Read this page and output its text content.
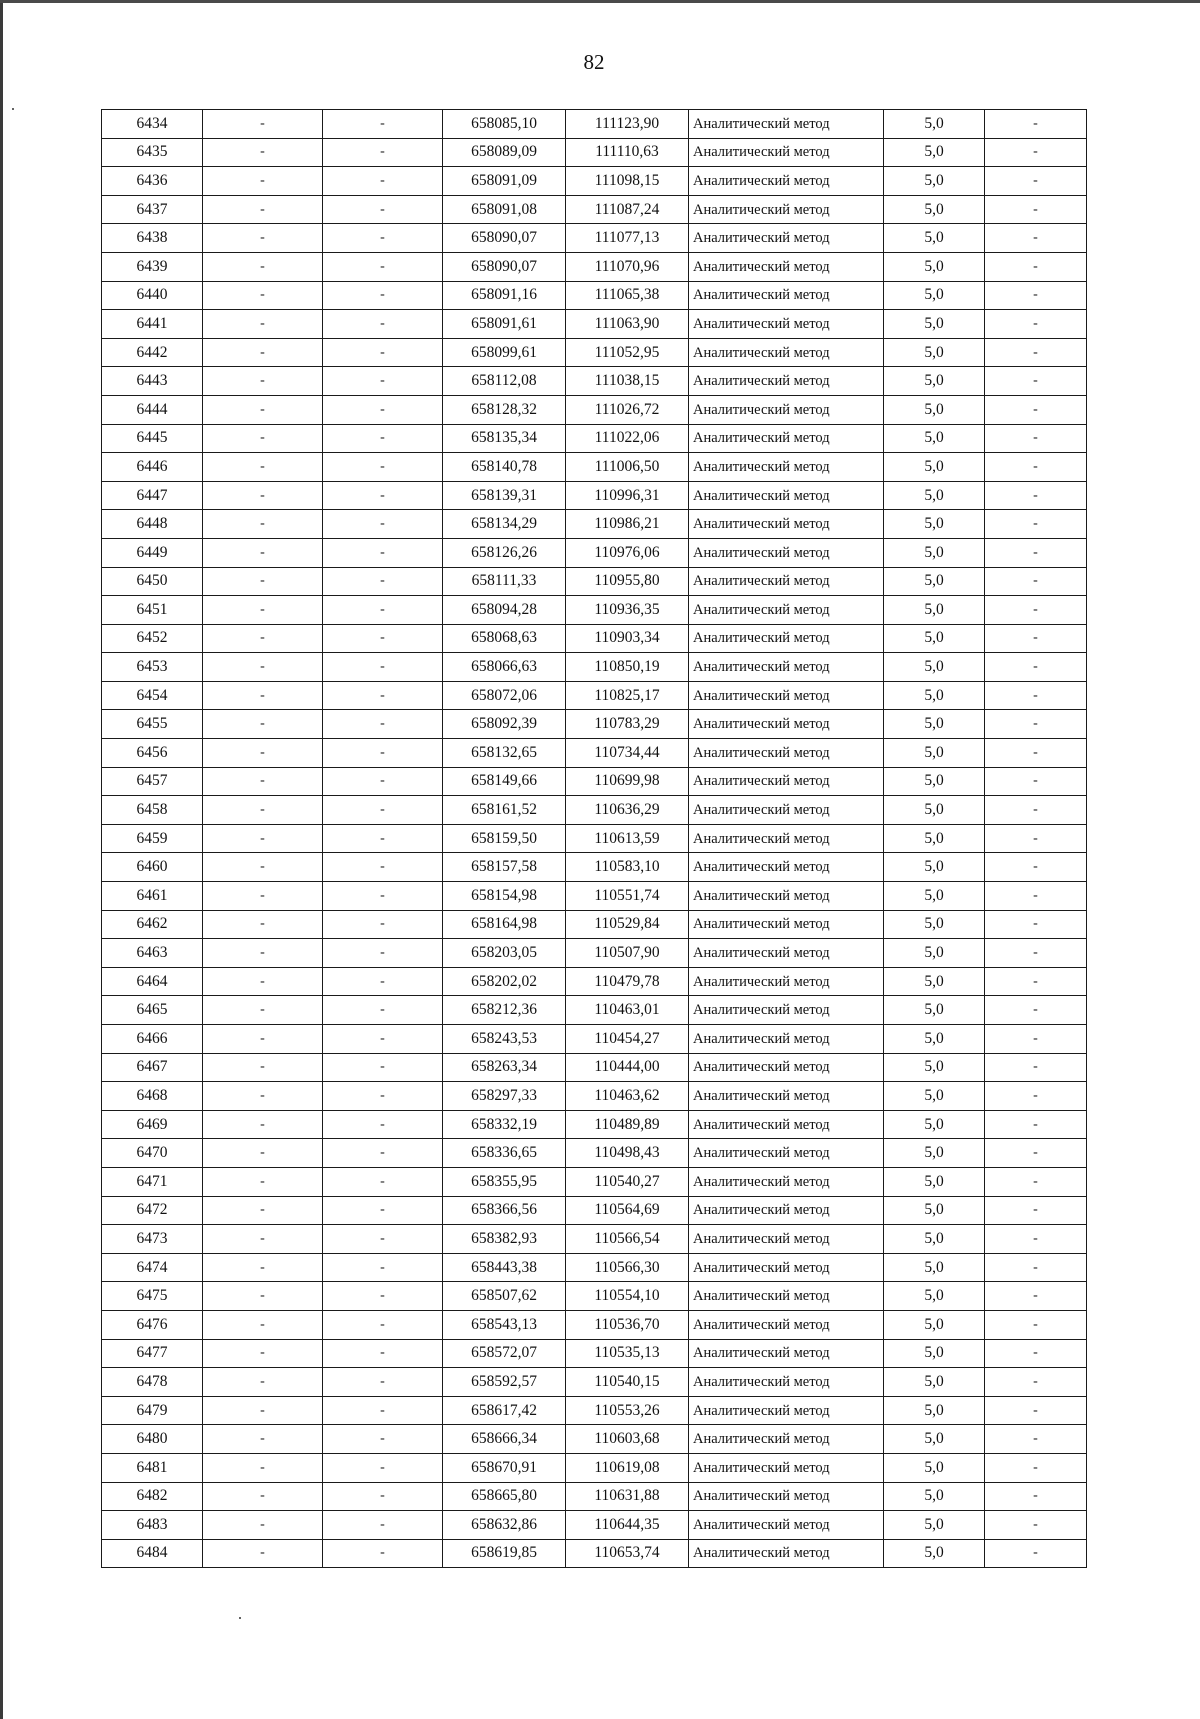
82
6434	-	-	658085,10	111123,90	Аналитический метод	5,0	-
6435	-	-	658089,09	111110,63	Аналитический метод	5,0	-
6436	-	-	658091,09	111098,15	Аналитический метод	5,0	-
6437	-	-	658091,08	111087,24	Аналитический метод	5,0	-
6438	-	-	658090,07	111077,13	Аналитический метод	5,0	-
6439	-	-	658090,07	111070,96	Аналитический метод	5,0	-
6440	-	-	658091,16	111065,38	Аналитический метод	5,0	-
6441	-	-	658091,61	111063,90	Аналитический метод	5,0	-
6442	-	-	658099,61	111052,95	Аналитический метод	5,0	-
6443	-	-	658112,08	111038,15	Аналитический метод	5,0	-
6444	-	-	658128,32	111026,72	Аналитический метод	5,0	-
6445	-	-	658135,34	111022,06	Аналитический метод	5,0	-
6446	-	-	658140,78	111006,50	Аналитический метод	5,0	-
6447	-	-	658139,31	110996,31	Аналитический метод	5,0	-
6448	-	-	658134,29	110986,21	Аналитический метод	5,0	-
6449	-	-	658126,26	110976,06	Аналитический метод	5,0	-
6450	-	-	658111,33	110955,80	Аналитический метод	5,0	-
6451	-	-	658094,28	110936,35	Аналитический метод	5,0	-
6452	-	-	658068,63	110903,34	Аналитический метод	5,0	-
6453	-	-	658066,63	110850,19	Аналитический метод	5,0	-
6454	-	-	658072,06	110825,17	Аналитический метод	5,0	-
6455	-	-	658092,39	110783,29	Аналитический метод	5,0	-
6456	-	-	658132,65	110734,44	Аналитический метод	5,0	-
6457	-	-	658149,66	110699,98	Аналитический метод	5,0	-
6458	-	-	658161,52	110636,29	Аналитический метод	5,0	-
6459	-	-	658159,50	110613,59	Аналитический метод	5,0	-
6460	-	-	658157,58	110583,10	Аналитический метод	5,0	-
6461	-	-	658154,98	110551,74	Аналитический метод	5,0	-
6462	-	-	658164,98	110529,84	Аналитический метод	5,0	-
6463	-	-	658203,05	110507,90	Аналитический метод	5,0	-
6464	-	-	658202,02	110479,78	Аналитический метод	5,0	-
6465	-	-	658212,36	110463,01	Аналитический метод	5,0	-
6466	-	-	658243,53	110454,27	Аналитический метод	5,0	-
6467	-	-	658263,34	110444,00	Аналитический метод	5,0	-
6468	-	-	658297,33	110463,62	Аналитический метод	5,0	-
6469	-	-	658332,19	110489,89	Аналитический метод	5,0	-
6470	-	-	658336,65	110498,43	Аналитический метод	5,0	-
6471	-	-	658355,95	110540,27	Аналитический метод	5,0	-
6472	-	-	658366,56	110564,69	Аналитический метод	5,0	-
6473	-	-	658382,93	110566,54	Аналитический метод	5,0	-
6474	-	-	658443,38	110566,30	Аналитический метод	5,0	-
6475	-	-	658507,62	110554,10	Аналитический метод	5,0	-
6476	-	-	658543,13	110536,70	Аналитический метод	5,0	-
6477	-	-	658572,07	110535,13	Аналитический метод	5,0	-
6478	-	-	658592,57	110540,15	Аналитический метод	5,0	-
6479	-	-	658617,42	110553,26	Аналитический метод	5,0	-
6480	-	-	658666,34	110603,68	Аналитический метод	5,0	-
6481	-	-	658670,91	110619,08	Аналитический метод	5,0	-
6482	-	-	658665,80	110631,88	Аналитический метод	5,0	-
6483	-	-	658632,86	110644,35	Аналитический метод	5,0	-
6484	-	-	658619,85	110653,74	Аналитический метод	5,0	-
